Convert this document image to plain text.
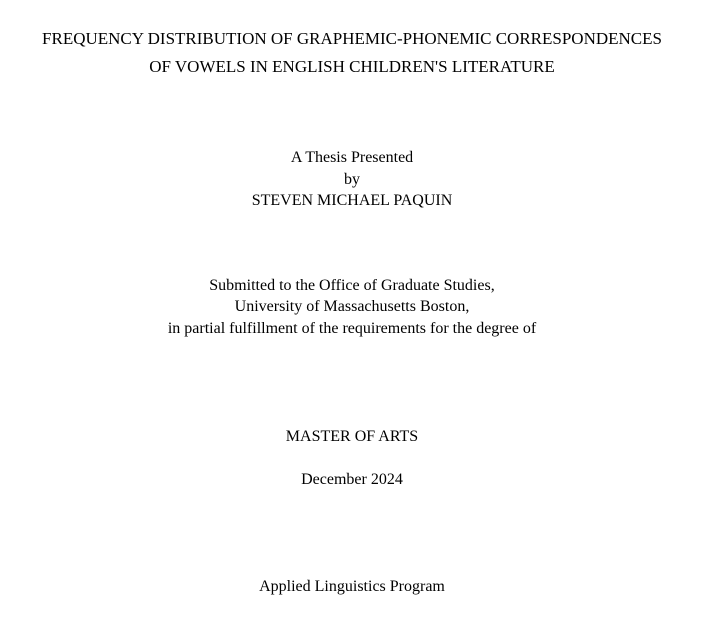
FREQUENCY DISTRIBUTION OF GRAPHEMIC-PHONEMIC CORRESPONDENCES
OF VOWELS IN ENGLISH CHILDREN'S LITERATURE
A Thesis Presented
by
STEVEN MICHAEL PAQUIN
Submitted to the Office of Graduate Studies,
University of Massachusetts Boston,
in partial fulfillment of the requirements for the degree of
MASTER OF ARTS
December 2024
Applied Linguistics Program
